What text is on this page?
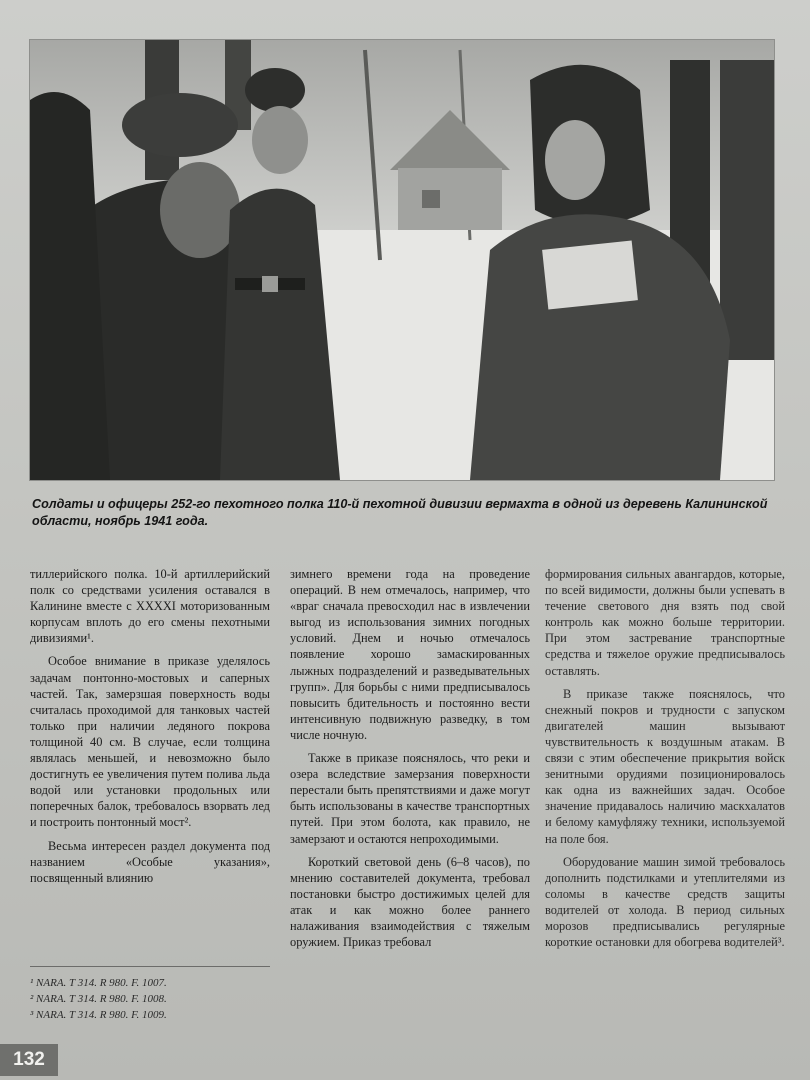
Солдаты и офицеры 252-го пехотного полка 110-й пехотной дивизии вермахта в одной из деревень Калининской области, ноябрь 1941 года.

тиллерийского полка. 10-й артиллерийский полк со средствами усиления оставался в Калинине вместе с XXXXI моторизованным корпусам вплоть до его смены пехотными дивизиями¹.

Особое внимание в приказе уделялось задачам понтонно-мостовых и саперных частей. Так, замерзшая поверхность воды считалась проходимой для танковых частей только при наличии ледяного покрова толщиной 40 см. В случае, если толщина являлась меньшей, и невозможно было достигнуть ее увеличения путем полива льда водой или установки продольных или поперечных балок, требовалось взорвать лед и построить понтонный мост².

Весьма интересен раздел документа под названием «Особые указания», посвященный влиянию

зимнего времени года на проведение операций. В нем отмечалось, например, что «враг сначала превосходил нас в извлечении выгод из использования зимних погодных условий. Днем и ночью отмечалось появление хорошо замаскированных лыжных подразделений и разведывательных групп». Для борьбы с ними предписывалось повысить бдительность и постоянно вести интенсивную подвижную разведку, в том числе ночную.

Также в приказе пояснялось, что реки и озера вследствие замерзания поверхности перестали быть препятствиями и даже могут быть использованы в качестве транспортных путей. При этом болота, как правило, не замерзают и остаются непроходимыми.

Короткий световой день (6–8 часов), по мнению составителей документа, требовал постановки быстро достижимых целей для атак и как можно более раннего налаживания взаимодействия с тяжелым оружием. Приказ требовал

формирования сильных авангардов, которые, по всей видимости, должны были успевать в течение светового дня взять под свой контроль как можно больше территории. При этом застревание транспортные средства и тяжелое оружие предписывалось оставлять.

В приказе также пояснялось, что снежный покров и трудности с запуском двигателей машин вызывают чувствительность к воздушным атакам. В связи с этим обеспечение прикрытия войск зенитными орудиями позиционировалось как одна из важнейших задач. Особое значение придавалось наличию маскхалатов и белому камуфляжу техники, используемой на поле боя.

Оборудование машин зимой требовалось дополнить подстилками и утеплителями из соломы в качестве средств защиты водителей от холода. В период сильных морозов предписывались регулярные короткие остановки для обогрева водителей³.

¹ NARA. T 314. R 980. F. 1007.
² NARA. T 314. R 980. F. 1008.
³ NARA. T 314. R 980. F. 1009.
132
